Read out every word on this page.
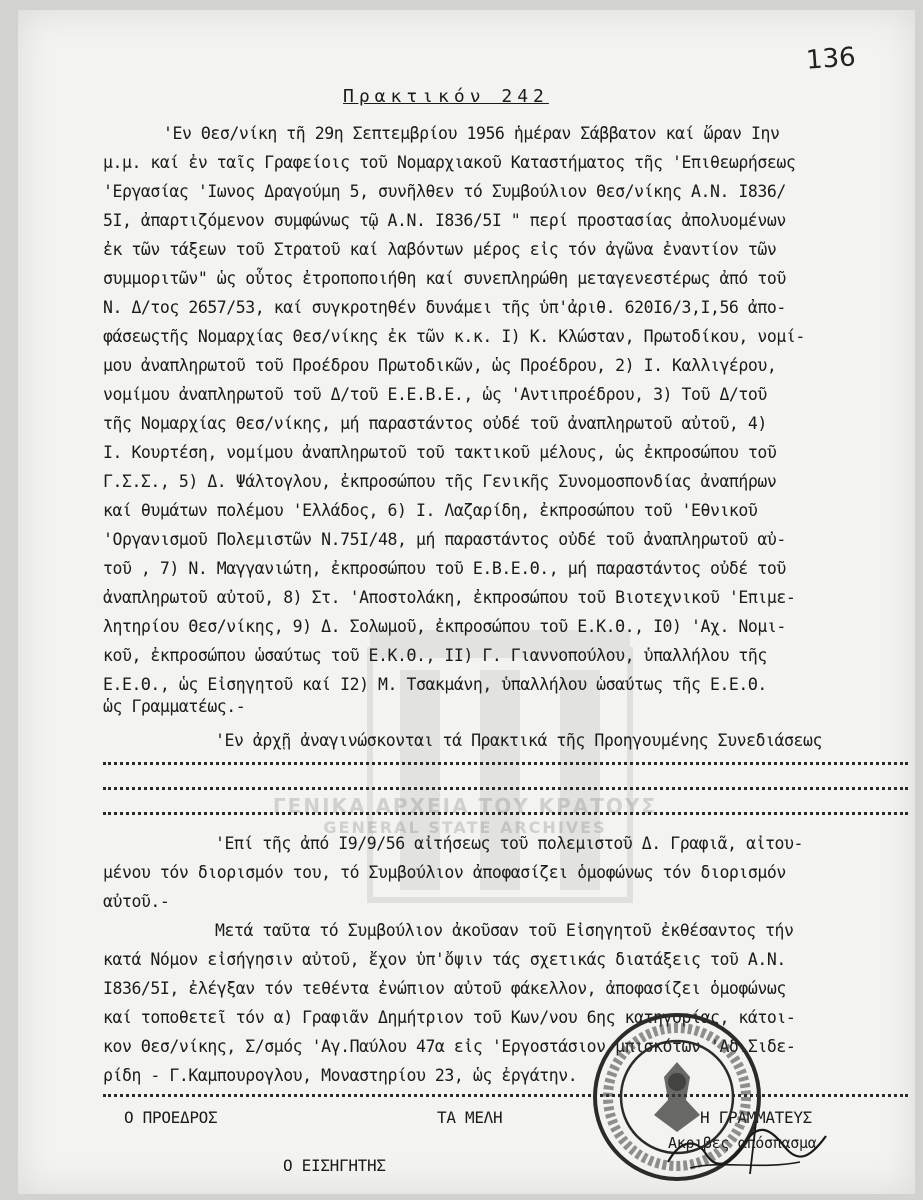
ΓΕΝΙΚΑ ΑΡΧΕΙΑ ΤΟΥ ΚΡΑΤΟΥΣ
GENERAL STATE ARCHIVES
136
Πρακτικόν 242
'Εν Θεσ/νίκη τῆ 29η Σεπτεμβρίου 1956 ἡμέραν Σάββατον καί ὥραν Ιην
μ.μ. καί ἐν ταῖς Γραφείοις τοῦ Νομαρχιακοῦ Καταστήματος τῆς 'Επιθεωρήσεως
'Εργασίας 'Ιωνος Δραγούμη 5, συνῆλθεν τό Συμβούλιον Θεσ/νίκης Α.Ν. Ι836/
5Ι, ἀπαρτιζόμενον συμφώνως τῷ Α.Ν. Ι836/5Ι " περί προστασίας ἀπολυομένων
ἐκ τῶν τάξεων τοῦ Στρατοῦ καί λαβόντων μέρος εἰς τόν ἀγῶνα ἐναντίον τῶν
συμμοριτῶν" ὡς οὗτος ἐτροποποιήθη καί συνεπληρώθη μεταγενεστέρως ἀπό τοῦ
Ν. Δ/τος 2657/53, καί συγκροτηθέν δυνάμει τῆς ὑπ'ἀριθ. 620Ι6/3,Ι,56 ἀπο-
φάσεωςτῆς Νομαρχίας Θεσ/νίκης ἐκ τῶν κ.κ. Ι) Κ. Κλώσταν, Πρωτοδίκου, νομί-
μου ἀναπληρωτοῦ τοῦ Προέδρου Πρωτοδικῶν, ὡς Προέδρου, 2) Ι. Καλλιγέρου,
νομίμου ἀναπληρωτοῦ τοῦ Δ/τοῦ Ε.Ε.Β.Ε., ὡς 'Αντιπροέδρου, 3) Τοῦ Δ/τοῦ
τῆς Νομαρχίας Θεσ/νίκης, μή παραστάντος οὐδέ τοῦ ἀναπληρωτοῦ αὐτοῦ, 4)
Ι. Κουρτέση, νομίμου ἀναπληρωτοῦ τοῦ τακτικοῦ μέλους, ὡς ἐκπροσώπου τοῦ
Γ.Σ.Σ., 5) Δ. Ψάλτογλου, ἐκπροσώπου τῆς Γενικῆς Συνομοσπονδίας ἀναπήρων
καί θυμάτων πολέμου 'Ελλάδος, 6) Ι. Λαζαρίδη, ἐκπροσώπου τοῦ 'Εθνικοῦ
'Οργανισμοῦ Πολεμιστῶν Ν.75Ι/48, μή παραστάντος οὐδέ τοῦ ἀναπληρωτοῦ αὐ-
τοῦ , 7) Ν. Μαγγανιώτη, ἐκπροσώπου τοῦ Ε.Β.Ε.Θ., μή παραστάντος οὐδέ τοῦ
ἀναπληρωτοῦ αὐτοῦ, 8) Στ. 'Αποστολάκη, ἐκπροσώπου τοῦ Βιοτεχνικοῦ 'Επιμε-
λητηρίου Θεσ/νίκης, 9) Δ. Σολωμοῦ, ἐκπροσώπου τοῦ Ε.Κ.Θ., Ι0) 'Αχ. Νομι-
κοῦ, ἐκπροσώπου ὡσαύτως τοῦ Ε.Κ.Θ., ΙΙ) Γ. Γιαννοπούλου, ὑπαλλήλου τῆς
Ε.Ε.Θ., ὡς Εἰσηγητοῦ καί Ι2) Μ. Τσακμάνη, ὑπαλλήλου ὡσαύτως τῆς Ε.Ε.Θ.
ὡς Γραμματέως.-
'Εν ἀρχῇ ἀναγινώσκονται τά Πρακτικά τῆς Προηγουμένης Συνεδιάσεως
'Επί τῆς ἀπό Ι9/9/56 αἰτήσεως τοῦ πολεμιστοῦ Δ. Γραφιᾶ, αἰτου-
μένου τόν διορισμόν του, τό Συμβούλιον ἀποφασίζει ὁμοφώνως τόν διορισμόν
αὐτοῦ.-
Μετά ταῦτα τό Συμβούλιον ἀκοῦσαν τοῦ Εἰσηγητοῦ ἐκθέσαντος τήν
κατά Νόμον εἰσήγησιν αὐτοῦ, ἔχον ὑπ'ὄψιν τάς σχετικάς διατάξεις τοῦ Α.Ν.
Ι836/5Ι, ἐλέγξαν τόν τεθέντα ἐνώπιον αὐτοῦ φάκελλον, ἀποφασίζει ὁμοφώνως
καί τοποθετεῖ τόν α) Γραφιᾶν Δημήτριον τοῦ Κων/νου 6ης κατηγορίας, κάτοι-
κον Θεσ/νίκης, Σ/σμός 'Αγ.Παύλου 47α εἰς 'Εργοστάσιον μπισκότων 'Αδ.Σιδε-
ρίδη - Γ.Καμπουρογλου, Μοναστηρίου 23, ὡς ἐργάτην.
Ο ΠΡΟΕΔΡΟΣ	ΤΑ ΜΕΛΗ	Η ΓΡΑΜΜΑΤΕΥΣ
Ακριβές απόσπασμα
Ο ΕΙΣΗΓΗΤΗΣ
